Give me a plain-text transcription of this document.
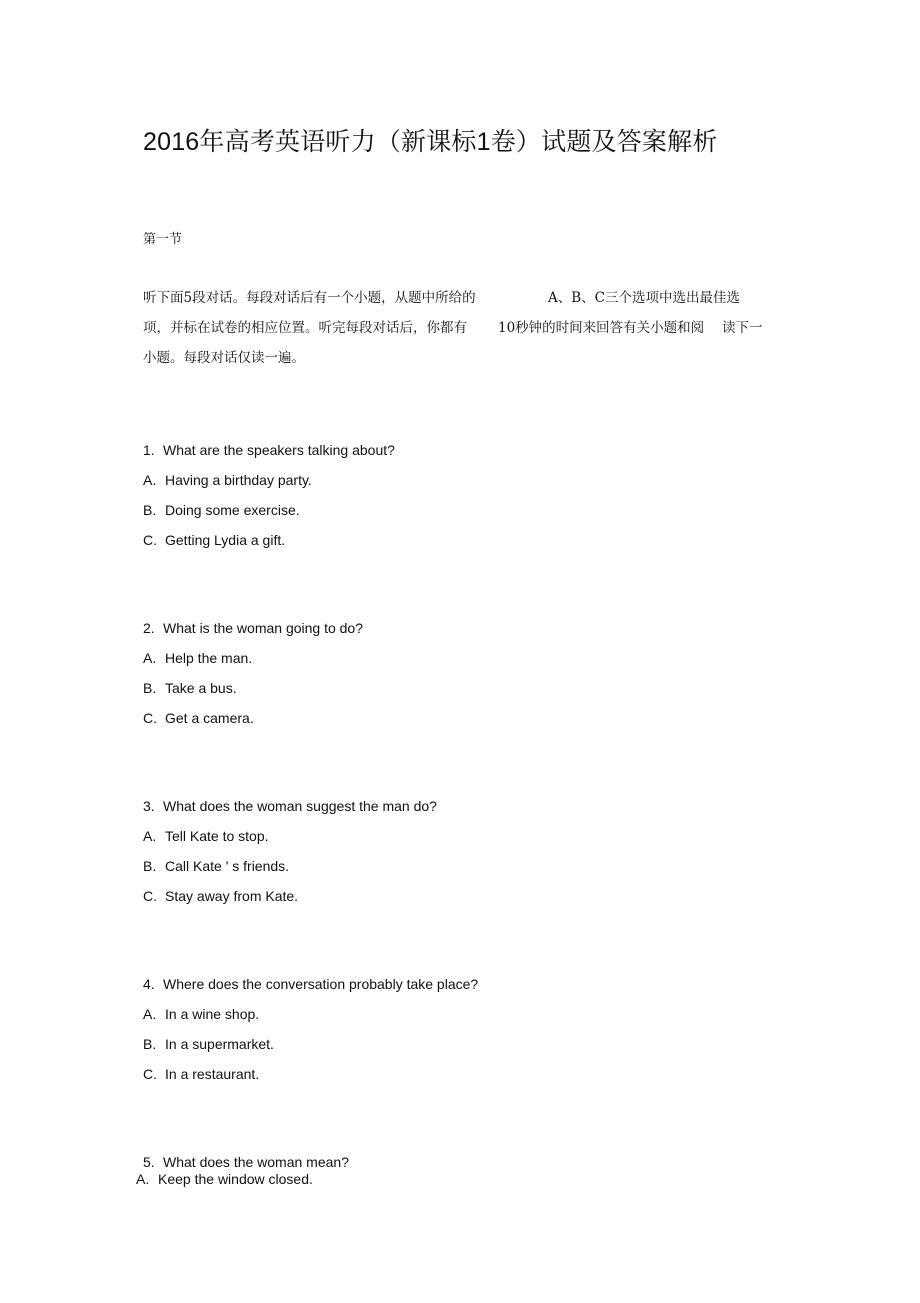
2016年高考英语听力（新课标1卷）试题及答案解析
第一节
听下面5段对话。每段对话后有一个小题，从题中所给的	A、B、C三个选项中选出最佳选
项，并标在试卷的相应位置。听完每段对话后，你都有 10秒钟的时间来回答有关小题和阅 读下一
小题。每段对话仅读一遍。
1. What are the speakers talking about?
A. Having a birthday party.
B. Doing some exercise.
C. Getting Lydia a gift.
2. What is the woman going to do?
A. Help the man.
B. Take a bus.
C. Get a camera.
3. What does the woman suggest the man do?
A. Tell Kate to stop.
B. Call Kate ' s friends.
C. Stay away from Kate.
4. Where does the conversation probably take place?
A. In a wine shop.
B. In a supermarket.
C. In a restaurant.
5. What does the woman mean?
A. Keep the window closed.
